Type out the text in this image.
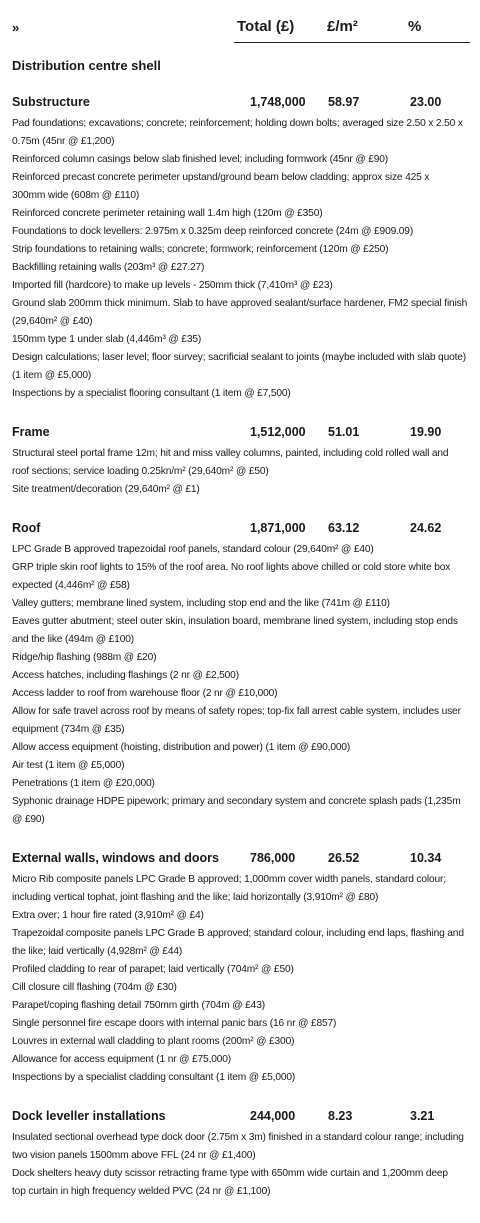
»	Total (£) £/m²	%
Distribution centre shell
Substructure	1,748,000 58.97	23.00
Pad foundations; excavations; concrete; reinforcement; holding down bolts; averaged size 2.50 x 2.50 x
0.75m (45nr @ £1,200)
Reinforced column casings below slab finished level; including formwork (45nr @ £90)
Reinforced precast concrete perimeter upstand/ground beam below cladding; approx size 425 x
300mm wide (608m @ £110)
Reinforced concrete perimeter retaining wall 1.4m high (120m @ £350)
Foundations to dock levellers: 2.975m x 0.325m deep reinforced concrete (24m @ £909.09)
Strip foundations to retaining walls; concrete; formwork; reinforcement (120m @ £250)
Backfilling retaining walls (203m³ @ £27.27)
Imported fill (hardcore) to make up levels - 250mm thick (7,410m³ @ £23)
Ground slab 200mm thick minimum. Slab to have approved sealant/surface hardener, FM2 special finish
(29,640m² @ £40)
150mm type 1 under slab (4,446m³ @ £35)
Design calculations; laser level; floor survey; sacrificial sealant to joints (maybe included with slab quote)
(1 item @ £5,000)
Inspections by a specialist flooring consultant (1 item @ £7,500)
Frame	1,512,000 51.01	19.90
Structural steel portal frame 12m; hit and miss valley columns, painted, including cold rolled wall and
roof sections; service loading 0.25kn/m² (29,640m² @ £50)
Site treatment/decoration (29,640m² @ £1)
Roof	1,871,000 63.12	24.62
LPC Grade B approved trapezoidal roof panels, standard colour (29,640m² @ £40)
GRP triple skin roof lights to 15% of the roof area. No roof lights above chilled or cold store white box
expected (4,446m² @ £58)
Valley gutters; membrane lined system, including stop end and the like (741m @ £110)
Eaves gutter abutment; steel outer skin, insulation board, membrane lined system, including stop ends
and the like (494m @ £100)
Ridge/hip flashing (988m @ £20)
Access hatches, including flashings (2 nr @ £2,500)
Access ladder to roof from warehouse floor (2 nr @ £10,000)
Allow for safe travel across roof by means of safety ropes; top-fix fall arrest cable system, includes user
equipment (734m @ £35)
Allow access equipment (hoisting, distribution and power) (1 item @ £90,000)
Air test (1 item @ £5,000)
Penetrations (1 item @ £20,000)
Syphonic drainage HDPE pipework; primary and secondary system and concrete splash pads (1,235m @ £90)
External walls, windows and doors 786,000	26.52	10.34
Micro Rib composite panels LPC Grade B approved; 1,000mm cover width panels, standard colour;
including vertical tophat, joint flashing and the like; laid horizontally (3,910m² @ £80)
Extra over; 1 hour fire rated (3,910m² @ £4)
Trapezoidal composite panels LPC Grade B approved; standard colour, including end laps, flashing and
the like; laid vertically (4,928m² @ £44)
Profiled cladding to rear of parapet; laid vertically (704m² @ £50)
Cill closure cill flashing (704m @ £30)
Parapet/coping flashing detail 750mm girth (704m @ £43)
Single personnel fire escape doors with internal panic bars (16 nr @ £857)
Louvres in external wall cladding to plant rooms (200m² @ £300)
Allowance for access equipment (1 nr @ £75,000)
Inspections by a specialist cladding consultant (1 item @ £5,000)
Dock leveller installations	244,000	8.23	3.21
Insulated sectional overhead type dock door (2.75m x 3m) finished in a standard colour range; including
two vision panels 1500mm above FFL (24 nr @ £1,400)
Dock shelters heavy duty scissor retracting frame type with 650mm wide curtain and 1,200mm deep
top curtain in high frequency welded PVC (24 nr @ £1,100)
